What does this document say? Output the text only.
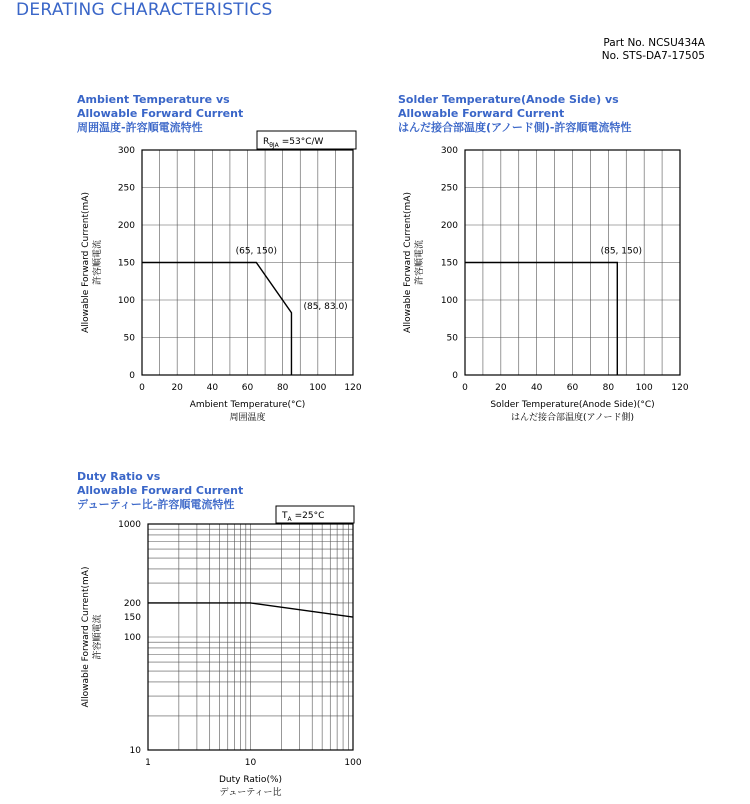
DERATING CHARACTERISTICS
Part No. NCSU434A
No. STS-DA7-17505
Ambient Temperature vs
Allowable Forward Current
周囲温度-許容順電流特性
Solder Temperature(Anode Side) vs
Allowable Forward Current
はんだ接合部温度(アノード側)-許容順電流特性
Duty Ratio vs
Allowable Forward Current
デューティー比-許容順電流特性
0	20	40	60	80 100 120
0
50
100
150
200
250
300
Ambient Temperature(°C)
周囲温度
Allowable Forward Current(mA) 許容順電流	(65, 150)
(85, 83.0)
$R_{\theta JA} =53^\circ C/W$
0	20	40	60	80 100 120
0
50
100
150
200
250
300
Solder Temperature(Anode Side)(°C)
はんだ接合部温度(アノード側)
Allowable Forward Current(mA) 許容順電流	(85, 150)
1	10	100
10
100
150
200
1000
Duty Ratio(%)
デューティー比
Allowable Forward Current(mA) 許容順電流
$T_A =25^\circ C$
